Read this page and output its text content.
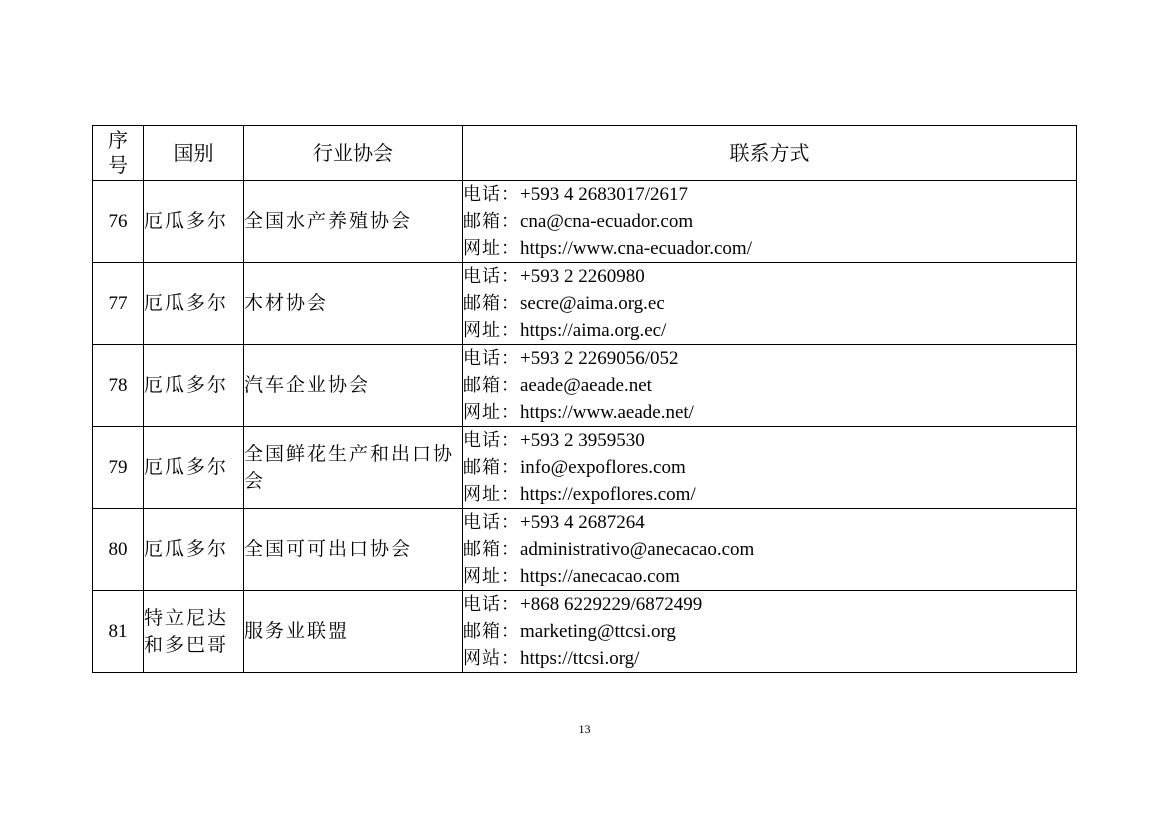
序号	国别	行业协会	联系方式
76	厄瓜多尔	全国水产养殖协会	电话：+593 4 2683017/2617
邮箱：cna@cna-ecuador.com
网址：https://www.cna-ecuador.com/

77	厄瓜多尔	木材协会	电话：+593 2 2260980
邮箱：secre@aima.org.ec
网址：https://aima.org.ec/

78	厄瓜多尔	汽车企业协会	电话：+593 2 2269056/052
邮箱：aeade@aeade.net
网址：https://www.aeade.net/

79	厄瓜多尔	全国鲜花生产和出口协会	电话：+593 2 3959530
邮箱：info@expoflores.com
网址：https://expoflores.com/

80	厄瓜多尔	全国可可出口协会	电话：+593 4 2687264
邮箱：administrativo@anecacao.com
网址：https://anecacao.com

81	特立尼达和多巴哥	服务业联盟	电话：+868 6229229/6872499
邮箱：marketing@ttcsi.org
网站：https://ttcsi.org/
13
